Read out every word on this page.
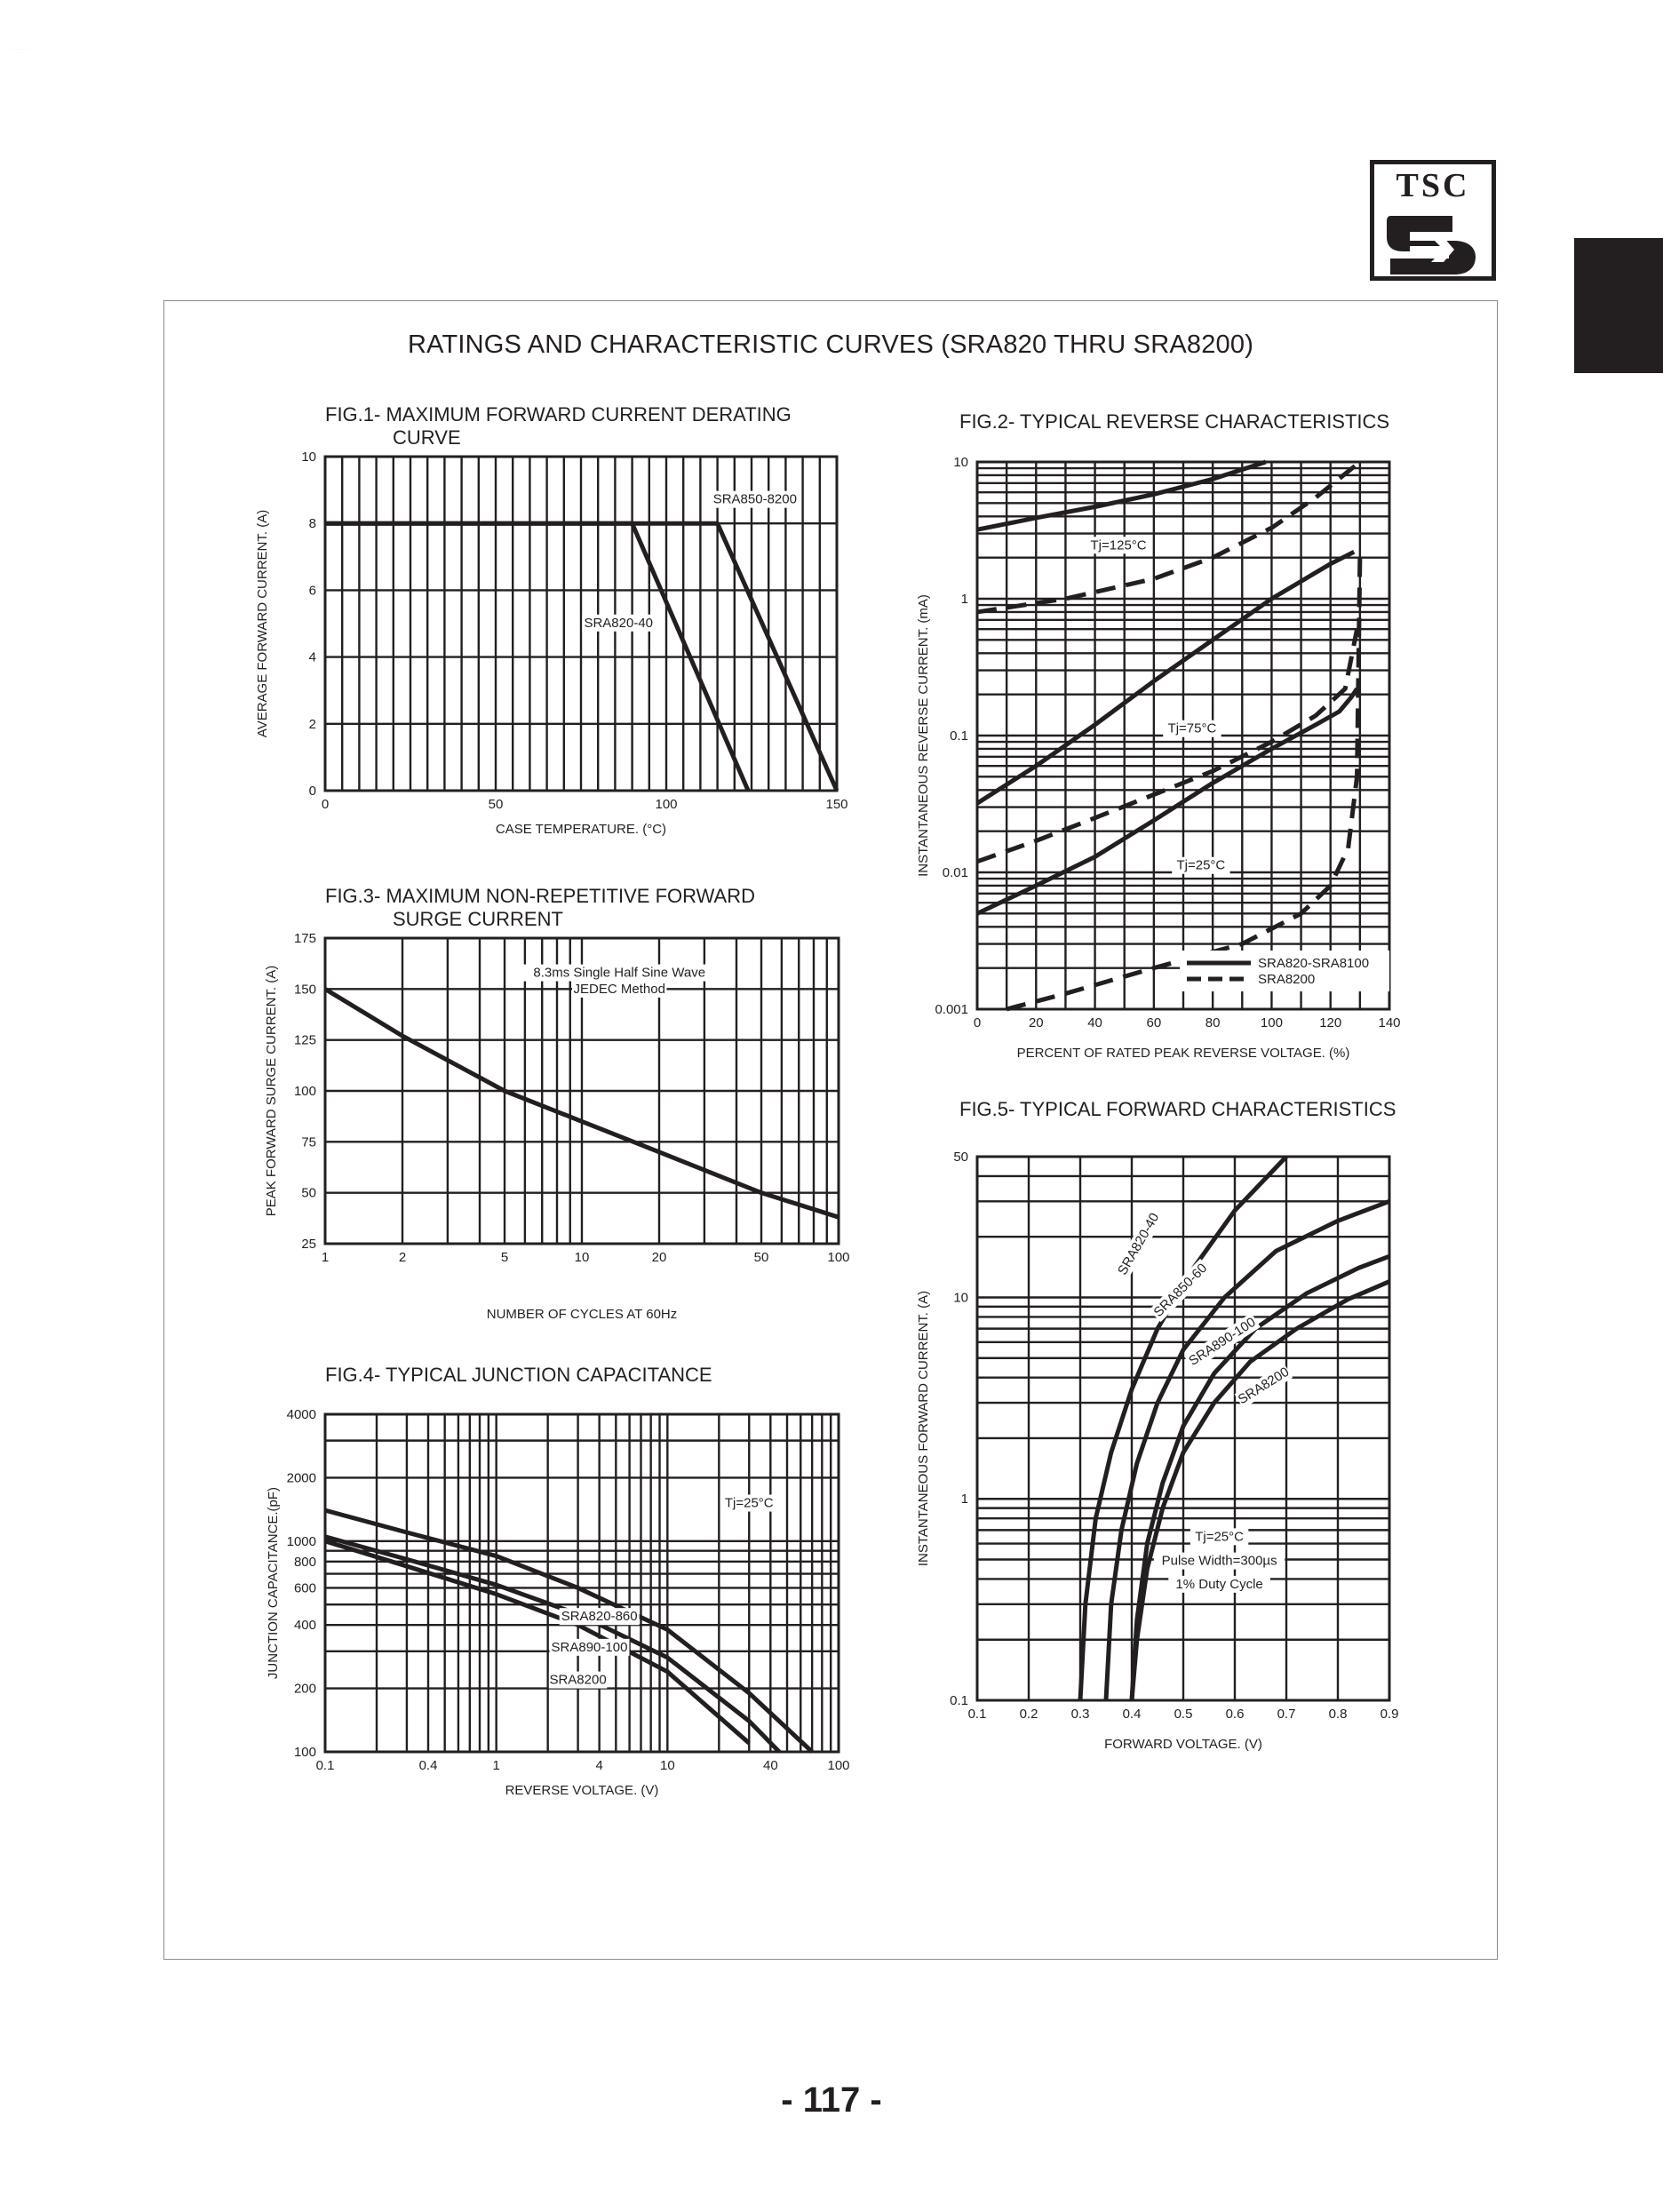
... ........ ..
TSC
RATINGS AND CHARACTERISTIC CURVES (SRA820 THRU SRA8200)
FIG.1- MAXIMUM FORWARD CURRENT DERATING
CURVE
FIG.2- TYPICAL REVERSE CHARACTERISTICS
FIG.3- MAXIMUM NON-REPETITIVE FORWARD
SURGE CURRENT
FIG.4- TYPICAL JUNCTION CAPACITANCE
FIG.5- TYPICAL FORWARD CHARACTERISTICS
0	50	100	150
0
2
4
6
8
10
CASE TEMPERATURE. (°C)
AVERAGE FORWARD CURRENT. (A)
SRA850-8200
SRA820-40
0	20	40	60	80	100	120	140
0.001
0.01
0.1
1
10
PERCENT OF RATED PEAK REVERSE VOLTAGE. (%)
INSTANTANEOUS REVERSE CURRENT. (mA)
Tj=125°C
Tj=75°C
Tj=25°C
SRA820-SRA8100
SRA8200
1	2	5	10	20	50	100
25
50
75
100
125
150
175
NUMBER OF CYCLES AT 60Hz
PEAK FORWARD SURGE CURRENT. (A)	8.3ms Single Half Sine Wave
JEDEC Method
0.1	0.4	1	4	10	40	100
100
200
400
600
800
1000
2000
4000
REVERSE VOLTAGE. (V)
JUNCTION CAPACITANCE.(pF)	Tj=25°C
SRA820-860
SRA890-100
SRA8200
0.1 0.2 0.3 0.4 0.5 0.6 0.7 0.8 0.9
0.1
1
10
50
FORWARD VOLTAGE. (V)
INSTANTANEOUS FORWARD CURRENT. (A)
SRA820-40
SRA850-60
SRA890-100
SRA8200
Tj=25°C
Pulse Width=300µs
1% Duty Cycle
- 117 -
